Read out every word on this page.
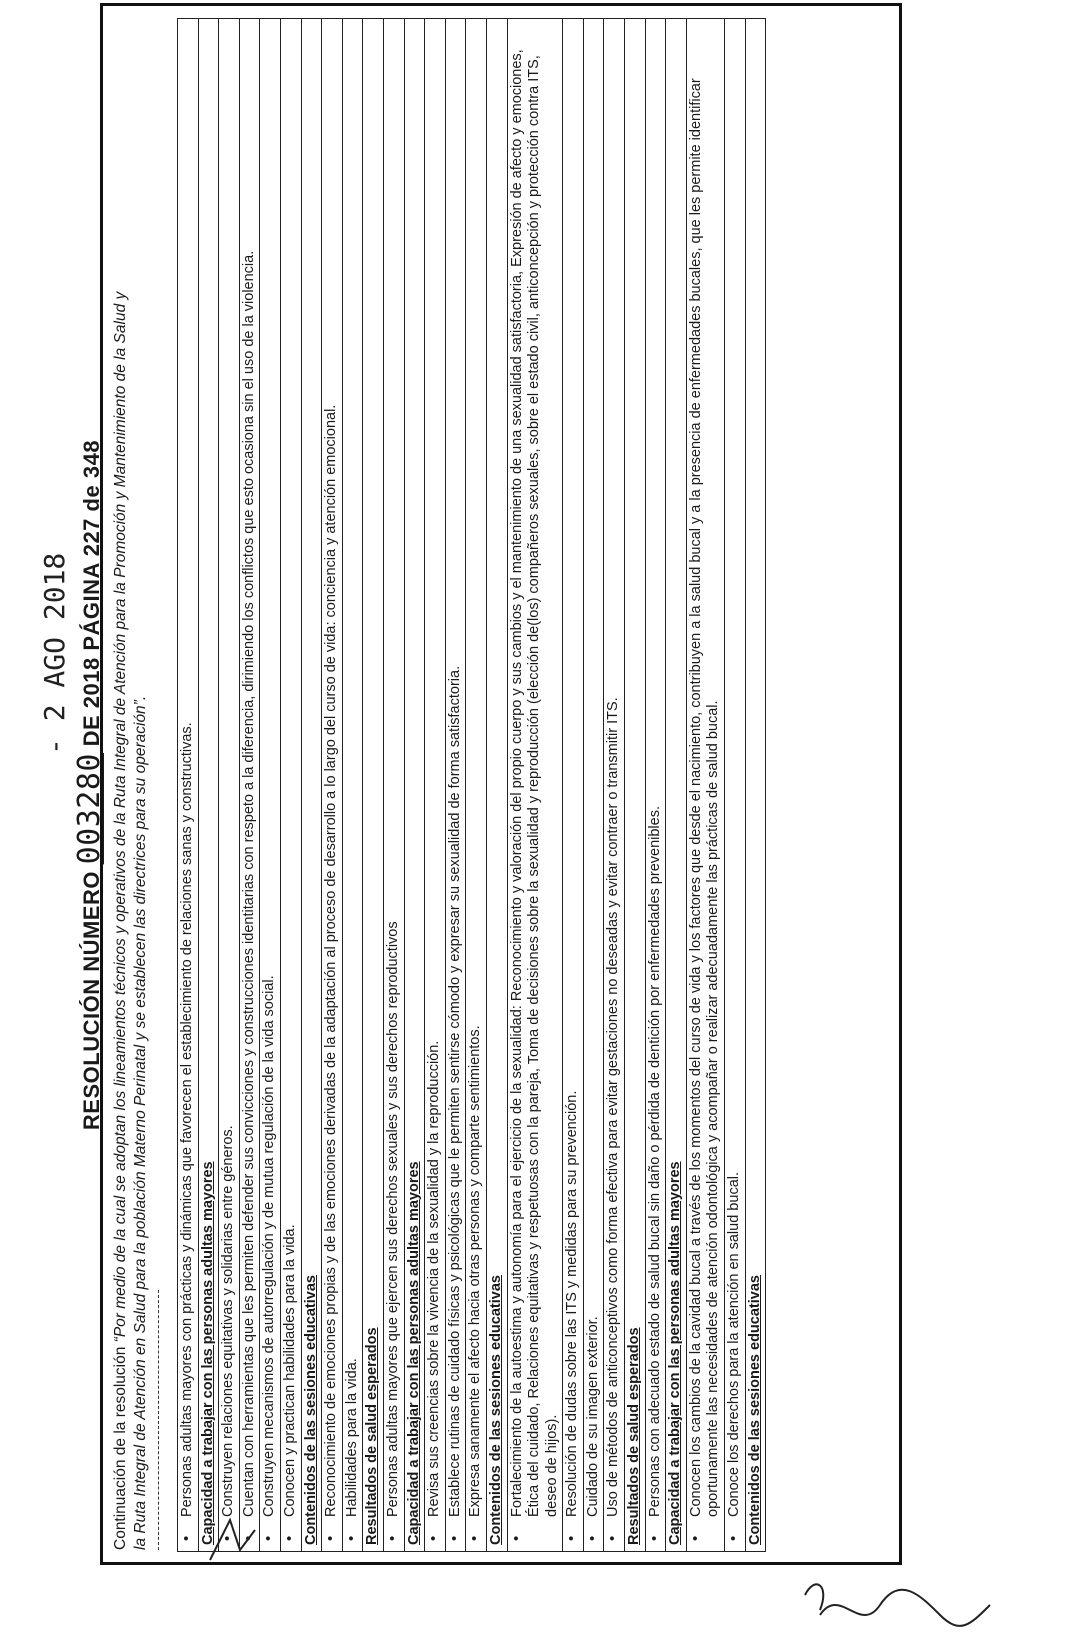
- 2 AGO 2018
RESOLUCIÓN NÚMERO 003280 DE 2018 PÁGINA 227 de 348
Continuación de la resolución “Por medio de la cual se adoptan los lineamientos técnicos y operativos de la Ruta Integral de Atención para la Promoción y Mantenimiento de la Salud y la Ruta Integral de Atención en Salud para la población Materno Perinatal y se establecen las directrices para su operación”. • Personas adultas mayores con prácticas y dinámicas que favorecen el establecimiento de relaciones sanas y constructivas. Capacidad a trabajar con las personas adultas mayores • Construyen relaciones equitativas y solidarias entre géneros. • Cuentan con herramientas que les permiten defender sus convicciones y construcciones identitarias con respeto a la diferencia, dirimiendo los conflictos que esto ocasiona sin el uso de la violencia. • Construyen mecanismos de autorregulación y de mutua regulación de la vida social. • Conocen y practican habilidades para la vida. Contenidos de las sesiones educativas • Reconocimiento de emociones propias y de las emociones derivadas de la adaptación al proceso de desarrollo a lo largo del curso de vida: conciencia y atención emocional. • Habilidades para la vida. Resultados de salud esperados • Personas adultas mayores que ejercen sus derechos sexuales y sus derechos reproductivos Capacidad a trabajar con las personas adultas mayores • Revisa sus creencias sobre la vivencia de la sexualidad y la reproducción. • Establece rutinas de cuidado físicas y psicológicas que le permiten sentirse cómodo y expresar su sexualidad de forma satisfactoria. • Expresa sanamente el afecto hacia otras personas y comparte sentimientos. Contenidos de las sesiones educativas • Fortalecimiento de la autoestima y autonomía para el ejercicio de la sexualidad: Reconocimiento y valoración del propio cuerpo y sus cambios y el mantenimiento de una sexualidad satisfactoria, Expresión de afecto y emociones, Ética del cuidado, Relaciones equitativas y respetuosas con la pareja, Toma de decisiones sobre la sexualidad y reproducción (elección de(los) compañeros sexuales, sobre el estado civil, anticoncepción y protección contra ITS, deseo de hijos). • Resolución de dudas sobre las ITS y medidas para su prevención. • Cuidado de su imagen exterior. • Uso de métodos de anticonceptivos como forma efectiva para evitar gestaciones no deseadas y evitar contraer o transmitir ITS. Resultados de salud esperados • Personas con adecuado estado de salud bucal sin daño o pérdida de dentición por enfermedades prevenibles. Capacidad a trabajar con las personas adultas mayores • Conocen los cambios de la cavidad bucal a través de los momentos del curso de vida y los factores que desde el nacimiento, contribuyen a la salud bucal y a la presencia de enfermedades bucales, que les permite identificar oportunamente las necesidades de atención odontológica y acompañar o realizar adecuadamente las prácticas de salud bucal. • Conoce los derechos para la atención en salud bucal. Contenidos de las sesiones educativas
